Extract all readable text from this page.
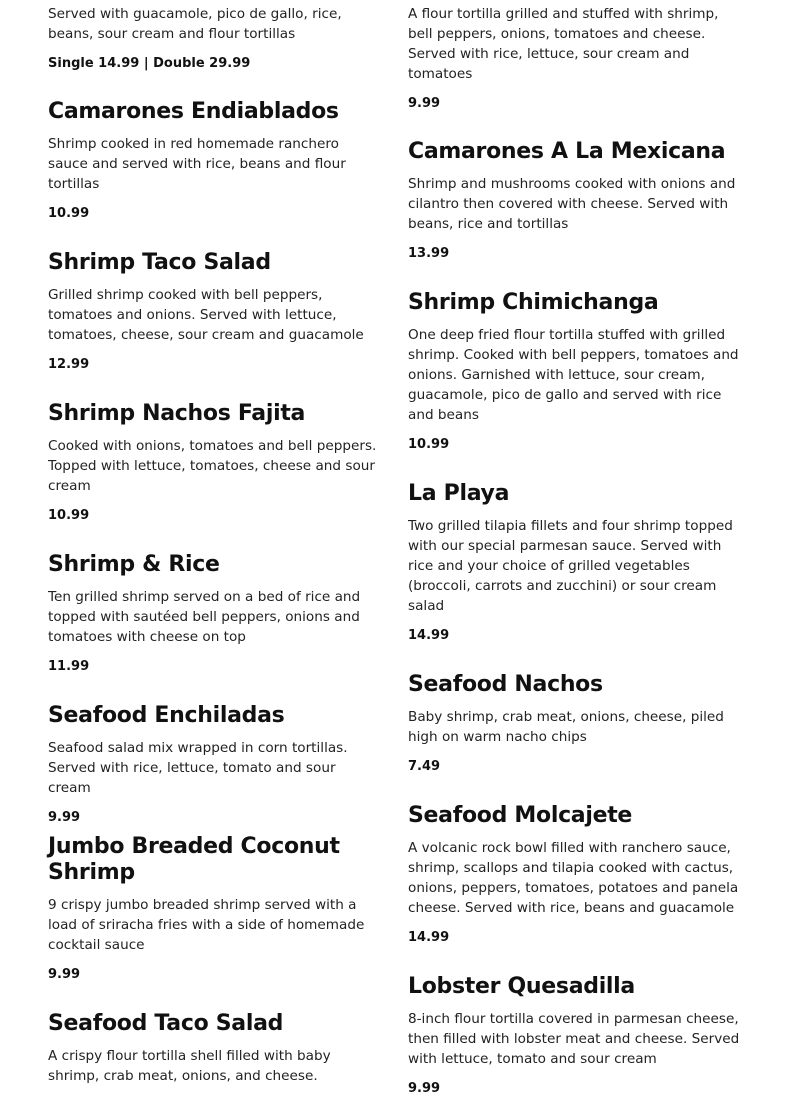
Served with guacamole, pico de gallo, rice, beans, sour cream and flour tortillas

Single 14.99 | Double 29.99

Camarones Endiablados

Shrimp cooked in red homemade ranchero sauce and served with rice, beans and flour tortillas

10.99

Shrimp Taco Salad

Grilled shrimp cooked with bell peppers, tomatoes and onions. Served with lettuce, tomatoes, cheese, sour cream and guacamole

12.99

Shrimp Nachos Fajita

Cooked with onions, tomatoes and bell peppers. Topped with lettuce, tomatoes, cheese and sour cream

10.99

Shrimp & Rice

Ten grilled shrimp served on a bed of rice and topped with sautéed bell peppers, onions and tomatoes with cheese on top

11.99

Seafood Enchiladas

Seafood salad mix wrapped in corn tortillas. Served with rice, lettuce, tomato and sour cream

9.99

Jumbo Breaded Coconut Shrimp

9 crispy jumbo breaded shrimp served with a load of sriracha fries with a side of homemade cocktail sauce

9.99

Seafood Taco Salad

A crispy flour tortilla shell filled with baby shrimp, crab meat, onions, and cheese.

A flour tortilla grilled and stuffed with shrimp, bell peppers, onions, tomatoes and cheese. Served with rice, lettuce, sour cream and tomatoes

9.99

Camarones A La Mexicana

Shrimp and mushrooms cooked with onions and cilantro then covered with cheese. Served with beans, rice and tortillas

13.99

Shrimp Chimichanga

One deep fried flour tortilla stuffed with grilled shrimp. Cooked with bell peppers, tomatoes and onions. Garnished with lettuce, sour cream, guacamole, pico de gallo and served with rice and beans

10.99

La Playa

Two grilled tilapia fillets and four shrimp topped with our special parmesan sauce. Served with rice and your choice of grilled vegetables (broccoli, carrots and zucchini) or sour cream salad

14.99

Seafood Nachos

Baby shrimp, crab meat, onions, cheese, piled high on warm nacho chips

7.49

Seafood Molcajete

A volcanic rock bowl filled with ranchero sauce, shrimp, scallops and tilapia cooked with cactus, onions, peppers, tomatoes, potatoes and panela cheese. Served with rice, beans and guacamole

14.99

Lobster Quesadilla

8-inch flour tortilla covered in parmesan cheese, then filled with lobster meat and cheese. Served with lettuce, tomato and sour cream

9.99
